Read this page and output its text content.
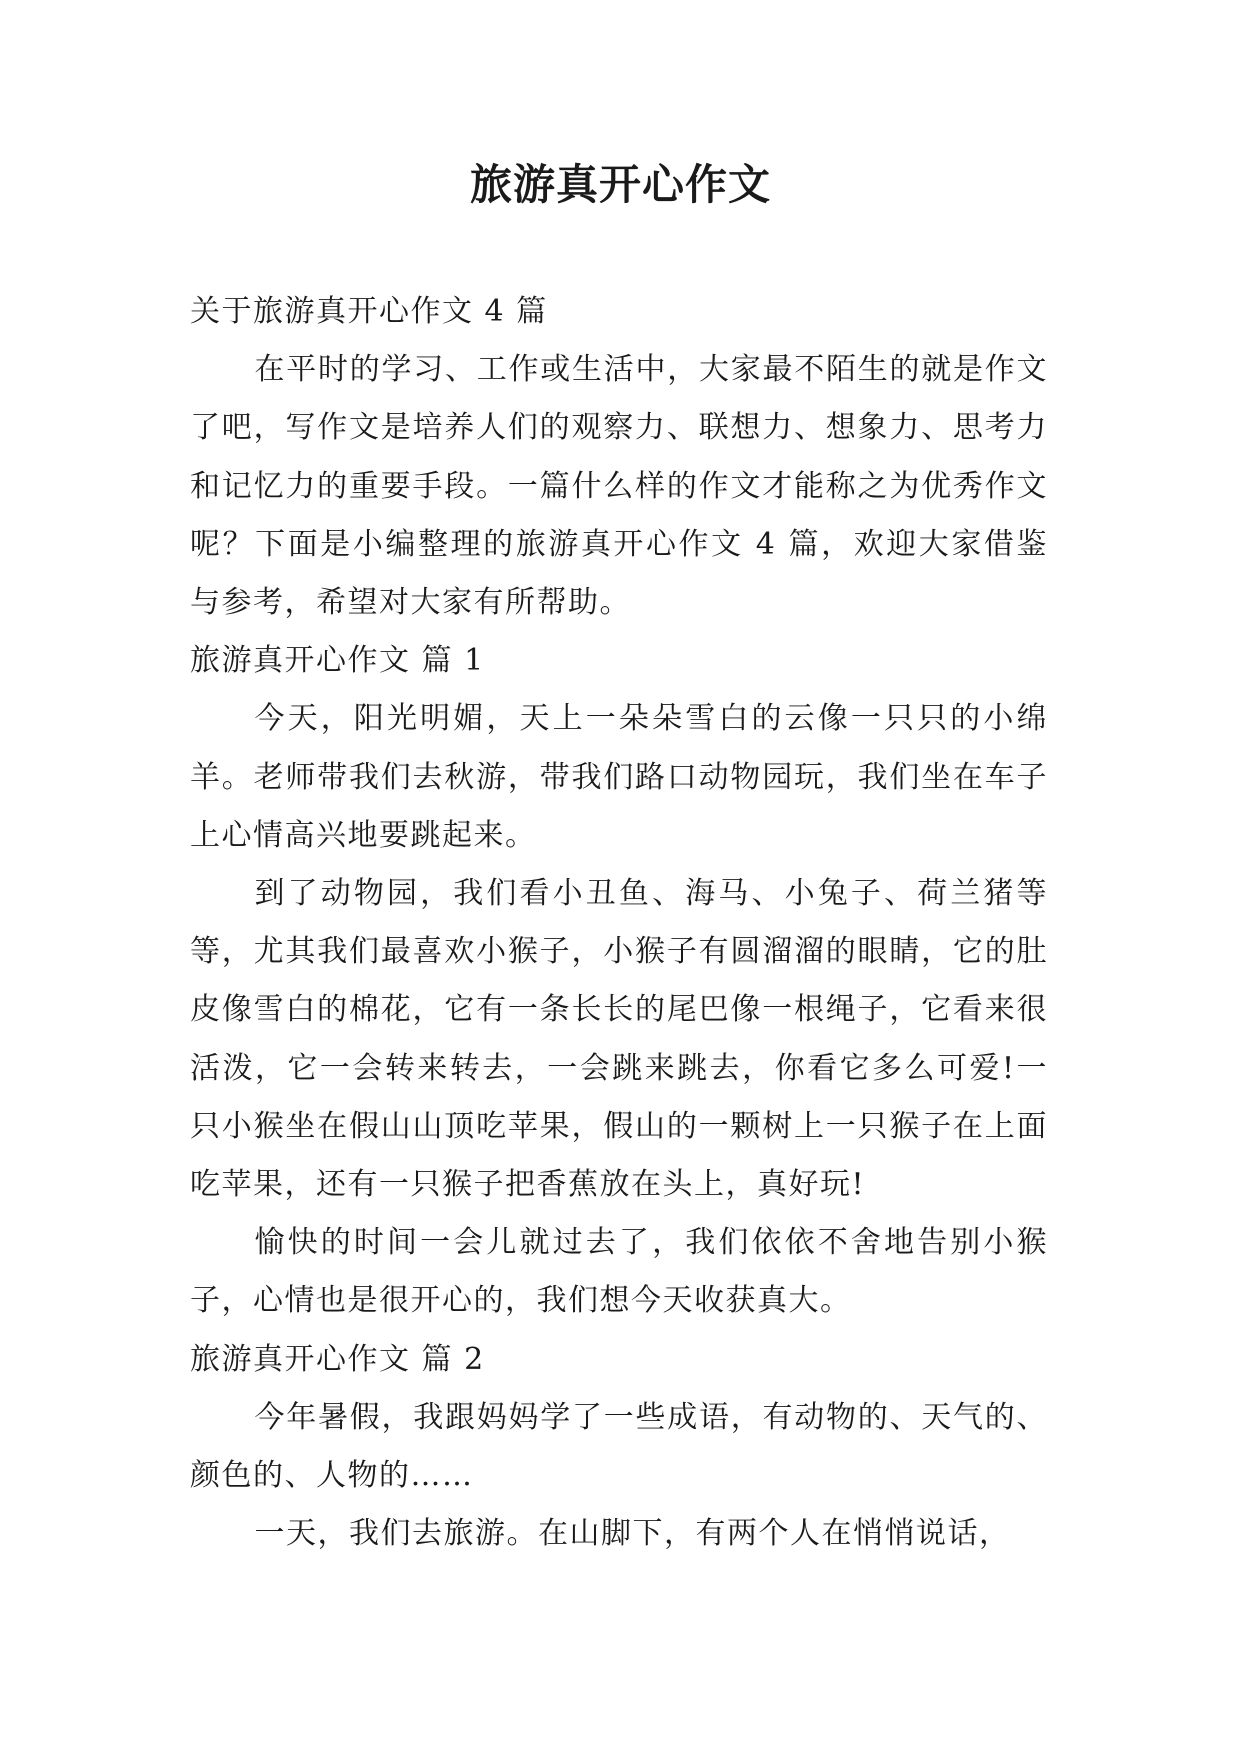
旅游真开心作文

关于旅游真开心作文 4 篇

在平时的学习、工作或生活中，大家最不陌生的就是作文了吧，写作文是培养人们的观察力、联想力、想象力、思考力和记忆力的重要手段。一篇什么样的作文才能称之为优秀作文呢？下面是小编整理的旅游真开心作文 4 篇，欢迎大家借鉴与参考，希望对大家有所帮助。

旅游真开心作文 篇 1

今天，阳光明媚，天上一朵朵雪白的云像一只只的小绵羊。老师带我们去秋游，带我们路口动物园玩，我们坐在车子上心情高兴地要跳起来。

到了动物园，我们看小丑鱼、海马、小兔子、荷兰猪等等，尤其我们最喜欢小猴子，小猴子有圆溜溜的眼睛，它的肚皮像雪白的棉花，它有一条长长的尾巴像一根绳子，它看来很活泼，它一会转来转去，一会跳来跳去，你看它多么可爱!一只小猴坐在假山山顶吃苹果，假山的一颗树上一只猴子在上面吃苹果，还有一只猴子把香蕉放在头上，真好玩!

愉快的时间一会儿就过去了，我们依依不舍地告别小猴子，心情也是很开心的，我们想今天收获真大。

旅游真开心作文 篇 2

今年暑假，我跟妈妈学了一些成语，有动物的、天气的、颜色的、人物的……

一天，我们去旅游。在山脚下，有两个人在悄悄说话，
